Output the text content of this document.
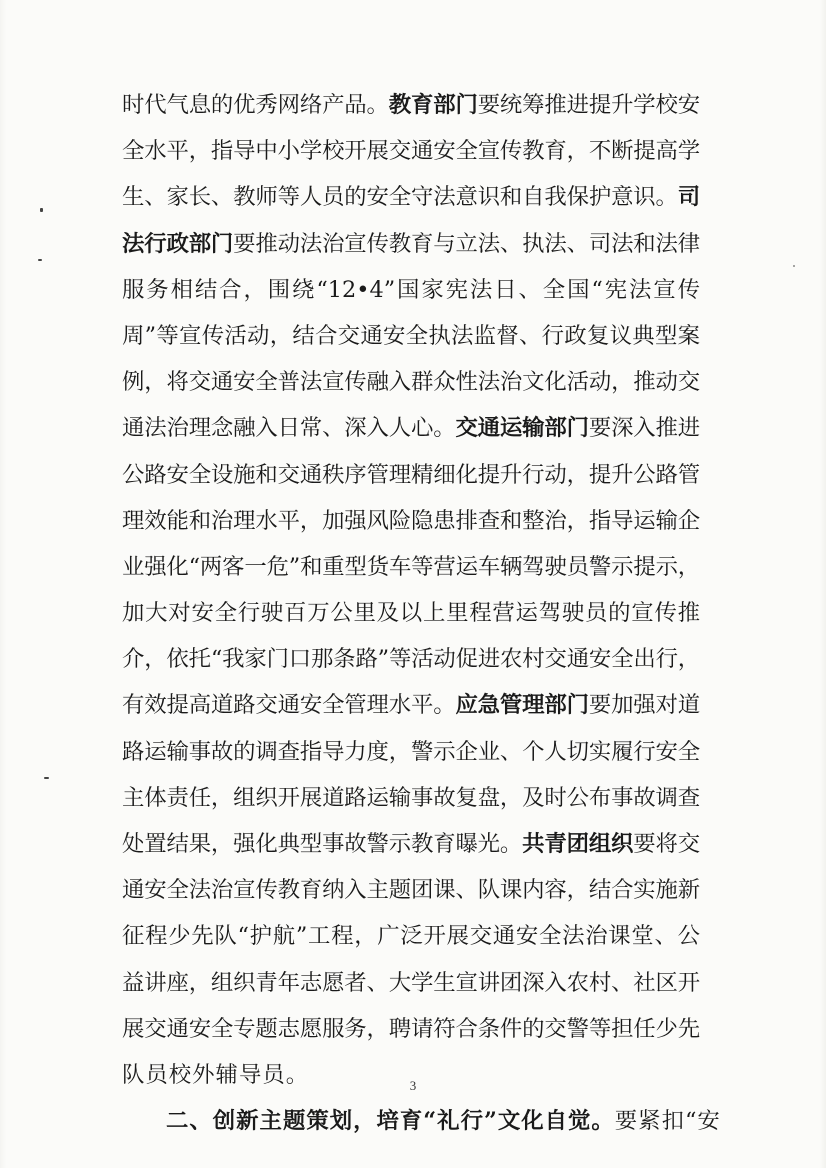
时代气息的优秀网络产品。教育部门要统筹推进提升学校安
全水平，指导中小学校开展交通安全宣传教育，不断提高学
生、家长、教师等人员的安全守法意识和自我保护意识。司
法行政部门要推动法治宣传教育与立法、执法、司法和法律
服务相结合，围绕“12•4”国家宪法日、全国“宪法宣传
周”等宣传活动，结合交通安全执法监督、行政复议典型案
例，将交通安全普法宣传融入群众性法治文化活动，推动交
通法治理念融入日常、深入人心。交通运输部门要深入推进
公路安全设施和交通秩序管理精细化提升行动，提升公路管
理效能和治理水平，加强风险隐患排查和整治，指导运输企
业强化“两客一危”和重型货车等营运车辆驾驶员警示提示，
加大对安全行驶百万公里及以上里程营运驾驶员的宣传推
介，依托“我家门口那条路”等活动促进农村交通安全出行，
有效提高道路交通安全管理水平。应急管理部门要加强对道
路运输事故的调查指导力度，警示企业、个人切实履行安全
主体责任，组织开展道路运输事故复盘，及时公布事故调查
处置结果，强化典型事故警示教育曝光。共青团组织要将交
通安全法治宣传教育纳入主题团课、队课内容，结合实施新
征程少先队“护航”工程，广泛开展交通安全法治课堂、公
益讲座，组织青年志愿者、大学生宣讲团深入农村、社区开
展交通安全专题志愿服务，聘请符合条件的交警等担任少先
队员校外辅导员。
二、创新主题策划，培育“礼行”文化自觉。要紧扣“安
3
